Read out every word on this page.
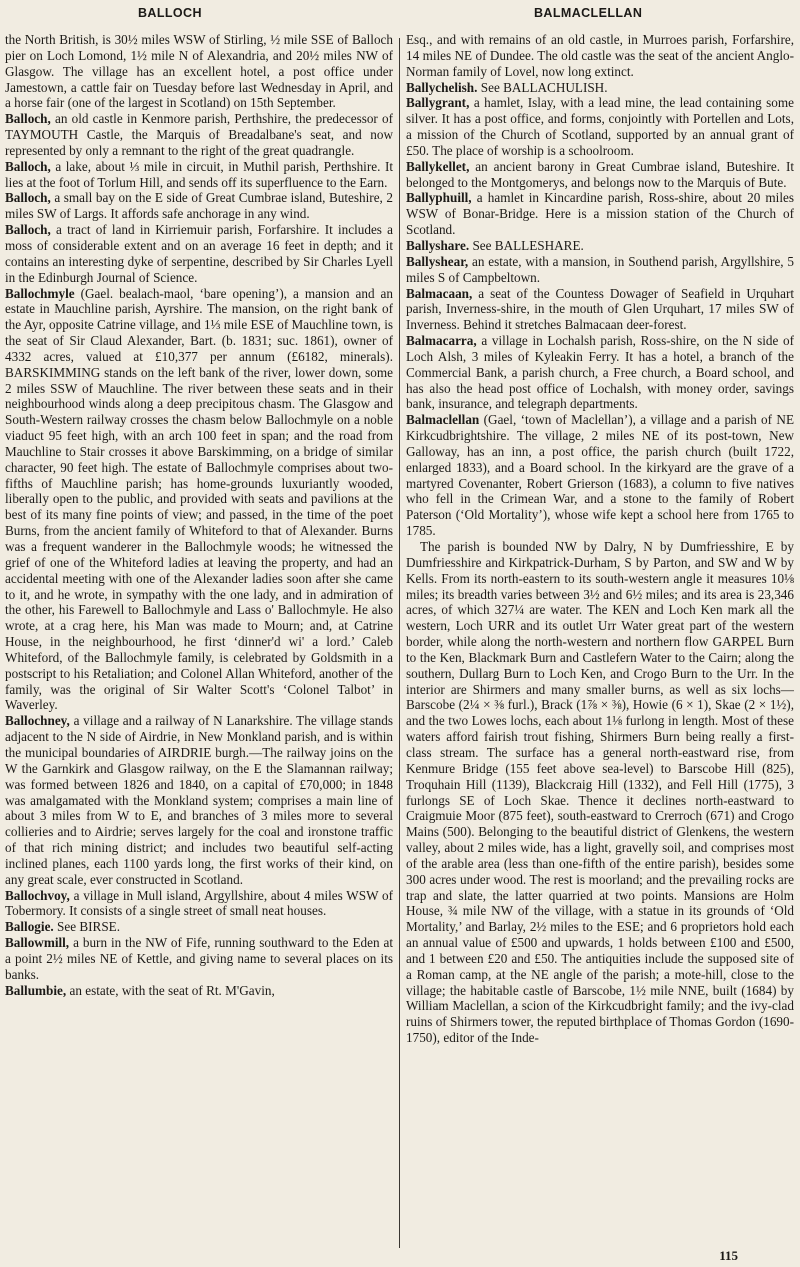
BALLOCH	BALMACLELLAN

the North British, is 30½ miles WSW of Stirling, ½ mile SSE of Balloch pier on Loch Lomond, 1½ mile N of Alexandria, and 20½ miles NW of Glasgow. The village has an excellent hotel, a post office under Jamestown, a cattle fair on Tuesday before last Wednesday in April, and a horse fair (one of the largest in Scotland) on 15th September.

Balloch, an old castle in Kenmore parish, Perthshire, the predecessor of TAYMOUTH Castle, the Marquis of Breadalbane's seat, and now represented by only a remnant to the right of the great quadrangle.

Balloch, a lake, about ⅓ mile in circuit, in Muthil parish, Perthshire. It lies at the foot of Torlum Hill, and sends off its superfluence to the Earn.

Balloch, a small bay on the E side of Great Cumbrae island, Buteshire, 2 miles SW of Largs. It affords safe anchorage in any wind.

Balloch, a tract of land in Kirriemuir parish, Forfarshire. It includes a moss of considerable extent and on an average 16 feet in depth; and it contains an interesting dyke of serpentine, described by Sir Charles Lyell in the Edinburgh Journal of Science.

Ballochmyle (Gael. bealach-maol, ‘bare opening’), a mansion and an estate in Mauchline parish, Ayrshire. The mansion, on the right bank of the Ayr, opposite Catrine village, and 1⅓ mile ESE of Mauchline town, is the seat of Sir Claud Alexander, Bart. (b. 1831; suc. 1861), owner of 4332 acres, valued at £10,377 per annum (£6182, minerals). BARSKIMMING stands on the left bank of the river, lower down, some 2 miles SSW of Mauchline. The river between these seats and in their neighbourhood winds along a deep precipitous chasm. The Glasgow and South-Western railway crosses the chasm below Ballochmyle on a noble viaduct 95 feet high, with an arch 100 feet in span; and the road from Mauchline to Stair crosses it above Barskimming, on a bridge of similar character, 90 feet high. The estate of Ballochmyle comprises about two-fifths of Mauchline parish; has home-grounds luxuriantly wooded, liberally open to the public, and provided with seats and pavilions at the best of its many fine points of view; and passed, in the time of the poet Burns, from the ancient family of Whiteford to that of Alexander. Burns was a frequent wanderer in the Ballochmyle woods; he witnessed the grief of one of the Whiteford ladies at leaving the property, and had an accidental meeting with one of the Alexander ladies soon after she came to it, and he wrote, in sympathy with the one lady, and in admiration of the other, his Farewell to Ballochmyle and Lass o' Ballochmyle. He also wrote, at a crag here, his Man was made to Mourn; and, at Catrine House, in the neighbourhood, he first ‘dinner'd wi' a lord.’ Caleb Whiteford, of the Ballochmyle family, is celebrated by Goldsmith in a postscript to his Retaliation; and Colonel Allan Whiteford, another of the family, was the original of Sir Walter Scott's ‘Colonel Talbot’ in Waverley.

Ballochney, a village and a railway of N Lanarkshire. The village stands adjacent to the N side of Airdrie, in New Monkland parish, and is within the municipal boundaries of AIRDRIE burgh.—The railway joins on the W the Garnkirk and Glasgow railway, on the E the Slamannan railway; was formed between 1826 and 1840, on a capital of £70,000; in 1848 was amalgamated with the Monkland system; comprises a main line of about 3 miles from W to E, and branches of 3 miles more to several collieries and to Airdrie; serves largely for the coal and ironstone traffic of that rich mining district; and includes two beautiful self-acting inclined planes, each 1100 yards long, the first works of their kind, on any great scale, ever constructed in Scotland.

Ballochvoy, a village in Mull island, Argyllshire, about 4 miles WSW of Tobermory. It consists of a single street of small neat houses.

Ballogie. See BIRSE.

Ballowmill, a burn in the NW of Fife, running southward to the Eden at a point 2½ miles NE of Kettle, and giving name to several places on its banks.

Ballumbie, an estate, with the seat of Rt. M'Gavin,

Esq., and with remains of an old castle, in Murroes parish, Forfarshire, 14 miles NE of Dundee. The old castle was the seat of the ancient Anglo-Norman family of Lovel, now long extinct.

Ballychelish. See BALLACHULISH.

Ballygrant, a hamlet, Islay, with a lead mine, the lead containing some silver. It has a post office, and forms, conjointly with Portellen and Lots, a mission of the Church of Scotland, supported by an annual grant of £50. The place of worship is a schoolroom.

Ballykellet, an ancient barony in Great Cumbrae island, Buteshire. It belonged to the Montgomerys, and belongs now to the Marquis of Bute.

Ballyphuill, a hamlet in Kincardine parish, Ross-shire, about 20 miles WSW of Bonar-Bridge. Here is a mission station of the Church of Scotland.

Ballyshare. See BALLESHARE.

Ballyshear, an estate, with a mansion, in Southend parish, Argyllshire, 5 miles S of Campbeltown.

Balmacaan, a seat of the Countess Dowager of Seafield in Urquhart parish, Inverness-shire, in the mouth of Glen Urquhart, 17 miles SW of Inverness. Behind it stretches Balmacaan deer-forest.

Balmacarra, a village in Lochalsh parish, Ross-shire, on the N side of Loch Alsh, 3 miles of Kyleakin Ferry. It has a hotel, a branch of the Commercial Bank, a parish church, a Free church, a Board school, and has also the head post office of Lochalsh, with money order, savings bank, insurance, and telegraph departments.

Balmaclellan (Gael, ‘town of Maclellan’), a village and a parish of NE Kirkcudbrightshire. The village, 2 miles NE of its post-town, New Galloway, has an inn, a post office, the parish church (built 1722, enlarged 1833), and a Board school. In the kirkyard are the grave of a martyred Covenanter, Robert Grierson (1683), a column to five natives who fell in the Crimean War, and a stone to the family of Robert Paterson (‘Old Mortality’), whose wife kept a school here from 1765 to 1785.

The parish is bounded NW by Dalry, N by Dumfriesshire, E by Dumfriesshire and Kirkpatrick-Durham, S by Parton, and SW and W by Kells. From its north-eastern to its south-western angle it measures 10⅛ miles; its breadth varies between 3½ and 6½ miles; and its area is 23,346 acres, of which 327¼ are water. The KEN and Loch Ken mark all the western, Loch URR and its outlet Urr Water great part of the western border, while along the north-western and northern flow GARPEL Burn to the Ken, Blackmark Burn and Castlefern Water to the Cairn; along the southern, Dullarg Burn to Loch Ken, and Crogo Burn to the Urr. In the interior are Shirmers and many smaller burns, as well as six lochs—Barscobe (2¼ × ⅜ furl.), Brack (1⅞ × ⅜), Howie (6 × 1), Skae (2 × 1½), and the two Lowes lochs, each about 1⅛ furlong in length. Most of these waters afford fairish trout fishing, Shirmers Burn being really a first-class stream. The surface has a general north-eastward rise, from Kenmure Bridge (155 feet above sea-level) to Barscobe Hill (825), Troquhain Hill (1139), Blackcraig Hill (1332), and Fell Hill (1775), 3 furlongs SE of Loch Skae. Thence it declines north-eastward to Craigmuie Moor (875 feet), south-eastward to Crerroch (671) and Crogo Mains (500). Belonging to the beautiful district of Glenkens, the western valley, about 2 miles wide, has a light, gravelly soil, and comprises most of the arable area (less than one-fifth of the entire parish), besides some 300 acres under wood. The rest is moorland; and the prevailing rocks are trap and slate, the latter quarried at two points. Mansions are Holm House, ¾ mile NW of the village, with a statue in its grounds of ‘Old Mortality,’ and Barlay, 2½ miles to the ESE; and 6 proprietors hold each an annual value of £500 and upwards, 1 holds between £100 and £500, and 1 between £20 and £50. The antiquities include the supposed site of a Roman camp, at the NE angle of the parish; a mote-hill, close to the village; the habitable castle of Barscobe, 1½ mile NNE, built (1684) by William Maclellan, a scion of the Kirkcudbright family; and the ivy-clad ruins of Shirmers tower, the reputed birthplace of Thomas Gordon (1690-1750), editor of the Inde-

115
